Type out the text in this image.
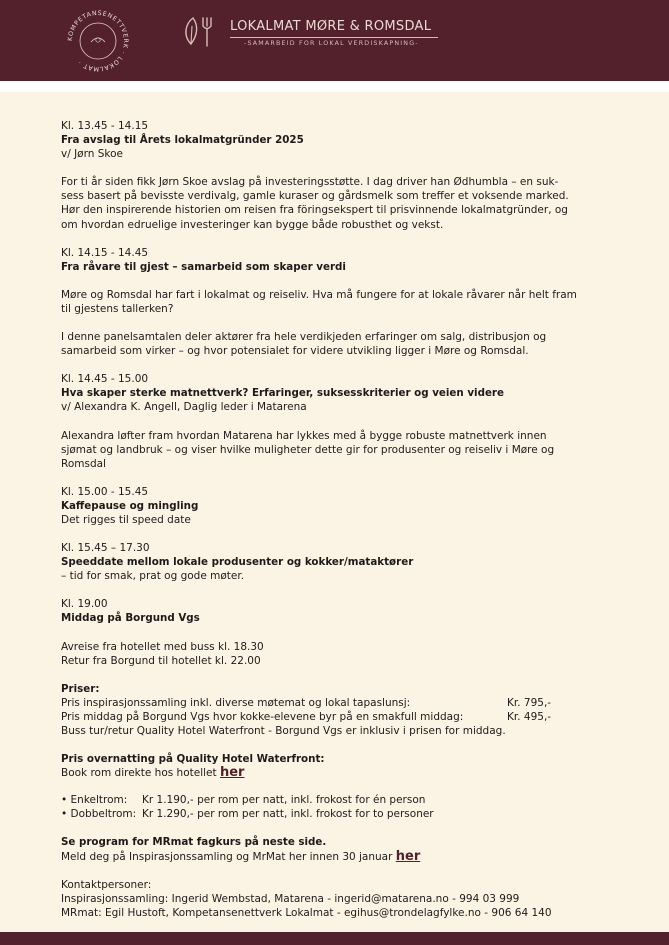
KOMPETANSENETTVERK · LOKALMAT ·
LOKALMAT MØRE & ROMSDAL
-SAMARBEID FOR LOKAL VERDISKAPNING-
Kl. 13.45 - 14.15
Fra avslag til Årets lokalmatgründer 2025
v/ Jørn Skoe
For ti år siden fikk Jørn Skoe avslag på investeringsstøtte. I dag driver han Ødhumbla – en suk-
sess basert på bevisste verdivalg, gamle kuraser og gårdsmelk som treffer et voksende marked.
Hør den inspirerende historien om reisen fra föringsekspert til prisvinnende lokalmatgründer, og
om hvordan edruelige investeringer kan bygge både robusthet og vekst.
Kl. 14.15 - 14.45
Fra råvare til gjest – samarbeid som skaper verdi
Møre og Romsdal har fart i lokalmat og reiseliv. Hva må fungere for at lokale råvarer når helt fram
til gjestens tallerken?
I denne panelsamtalen deler aktører fra hele verdikjeden erfaringer om salg, distribusjon og
samarbeid som virker – og hvor potensialet for videre utvikling ligger i Møre og Romsdal.
Kl. 14.45 - 15.00
Hva skaper sterke matnettverk? Erfaringer, suksesskriterier og veien videre
v/ Alexandra K. Angell, Daglig leder i Matarena
Alexandra løfter fram hvordan Matarena har lykkes med å bygge robuste matnettverk innen
sjømat og landbruk – og viser hvilke muligheter dette gir for produsenter og reiseliv i Møre og
Romsdal
Kl. 15.00 - 15.45
Kaffepause og mingling
Det rigges til speed date
Kl. 15.45 – 17.30
Speeddate mellom lokale produsenter og kokker/mataktører
– tid for smak, prat og gode møter.
Kl. 19.00
Middag på Borgund Vgs
Avreise fra hotellet med buss kl. 18.30
Retur fra Borgund til hotellet kl. 22.00
Priser:
Pris inspirasjonssamling inkl. diverse møtemat og lokal tapaslunsj:	Kr. 795,-
Pris middag på Borgund Vgs hvor kokke-elevene byr på en smakfull middag:	Kr. 495,-
Buss tur/retur Quality Hotel Waterfront - Borgund Vgs er inklusiv i prisen for middag.
Pris overnatting på Quality Hotel Waterfront:
Book rom direkte hos hotellet her
• Enkeltrom: Kr 1.190,- per rom per natt, inkl. frokost for én person
• Dobbeltrom: Kr 1.290,- per rom per natt, inkl. frokost for to personer
Se program for MRmat fagkurs på neste side.
Meld deg på Inspirasjonssamling og MrMat her innen 30 januar her
Kontaktpersoner:
Inspirasjonssamling: Ingerid Wembstad, Matarena - ingerid@matarena.no - 994 03 999
MRmat: Egil Hustoft, Kompetansenettverk Lokalmat - egihus@trondelagfylke.no - 906 64 140
